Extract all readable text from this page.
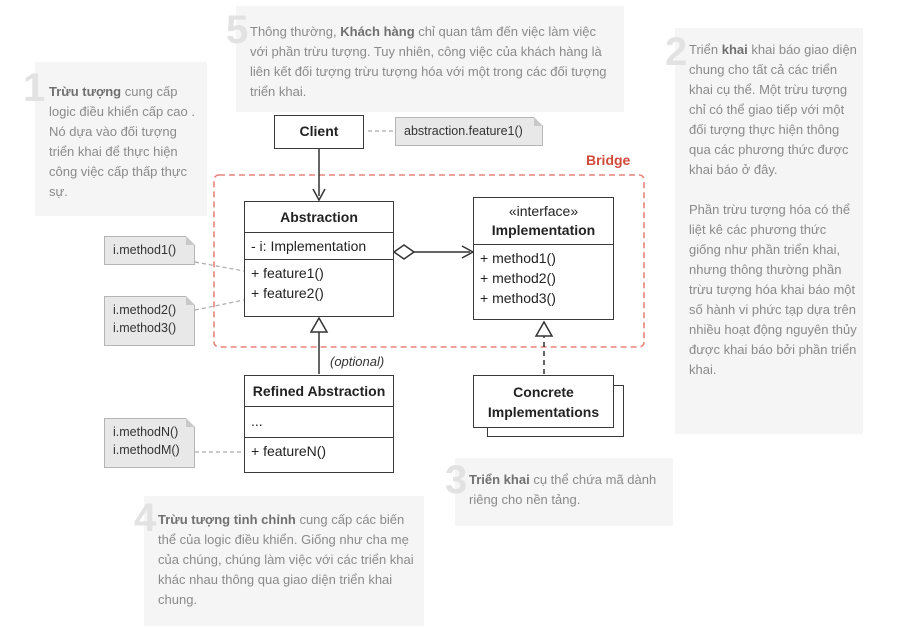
1 Trừu tượng cung cấp logic điều khiển cấp cao . Nó dựa vào đối tượng triển khai để thực hiện công việc cấp thấp thực sự.
5 Thông thường, Khách hàng chỉ quan tâm đến việc làm việc với phần trừu tượng. Tuy nhiên, công việc của khách hàng là liên kết đối tượng trừu tượng hóa với một trong các đối tượng triển khai.
2 Triển khai khai báo giao diện chung cho tất cả các triển khai cụ thể. Một trừu tượng chỉ có thể giao tiếp với một đối tượng thực hiện thông qua các phương thức được khai báo ở đây.

Phần trừu tượng hóa có thể liệt kê các phương thức giống như phần triển khai, nhưng thông thường phần trừu tượng hóa khai báo một số hành vi phức tạp dựa trên nhiều hoạt động nguyên thủy được khai báo bởi phần triển khai.

3 Triển khai cụ thể chứa mã dành riêng cho nền tảng.
4 Trừu tượng tinh chỉnh cung cấp các biến thể của logic điều khiển. Giống như cha mẹ của chúng, chúng làm việc với các triển khai khác nhau thông qua giao diện triển khai chung.
Bridge
(optional)
Client
Abstraction
- i: Implementation
+ feature1()
+ feature2()
«interface»
Implementation
+ method1()
+ method2()
+ method3()
Refined Abstraction
...
+ featureN()
Concrete
Implementations
abstraction.feature1()
i.method1()
i.method2()
i.method3()
i.methodN()
i.methodM()
